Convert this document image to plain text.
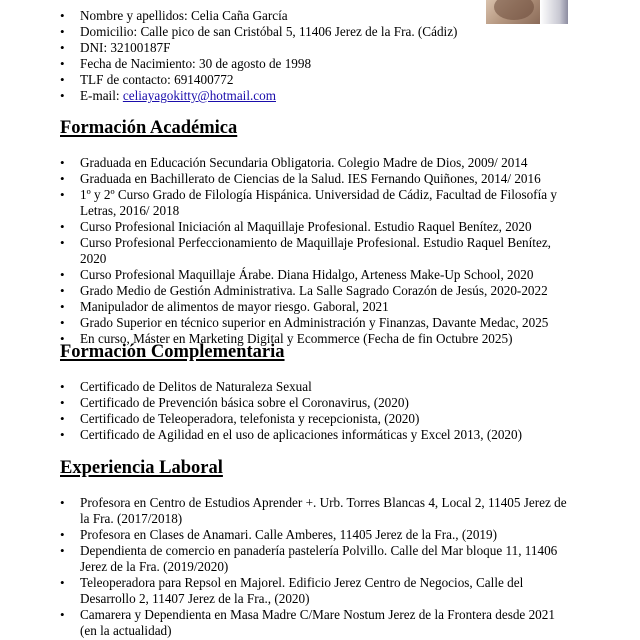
• Nombre y apellidos: Celia Caña García
• Domicilio: Calle pico de san Cristóbal 5, 11406 Jerez de la Fra. (Cádiz)
• DNI: 32100187F
• Fecha de Nacimiento: 30 de agosto de 1998
• TLF de contacto: 691400772
• E-mail: celiayagokitty@hotmail.com
Formación Académica
• Graduada en Educación Secundaria Obligatoria. Colegio Madre de Dios, 2009/ 2014
• Graduada en Bachillerato de Ciencias de la Salud. IES Fernando Quiñones, 2014/ 2016
• 1º y 2º Curso Grado de Filología Hispánica. Universidad de Cádiz, Facultad de Filosofía y Letras, 2016/ 2018
• Curso Profesional Iniciación al Maquillaje Profesional. Estudio Raquel Benítez, 2020
• Curso Profesional Perfeccionamiento de Maquillaje Profesional. Estudio Raquel Benítez, 2020
• Curso Profesional Maquillaje Árabe. Diana Hidalgo, Arteness Make-Up School, 2020
• Grado Medio de Gestión Administrativa. La Salle Sagrado Corazón de Jesús, 2020-2022
• Manipulador de alimentos de mayor riesgo. Gaboral, 2021
• Grado Superior en técnico superior en Administración y Finanzas, Davante Medac, 2025
• En curso, Máster en Marketing Digital y Ecommerce (Fecha de fin Octubre 2025)
Formación Complementaria
• Certificado de Delitos de Naturaleza Sexual
• Certificado de Prevención básica sobre el Coronavirus, (2020)
• Certificado de Teleoperadora, telefonista y recepcionista, (2020)
• Certificado de Agilidad en el uso de aplicaciones informáticas y Excel 2013, (2020)
Experiencia Laboral
• Profesora en Centro de Estudios Aprender +. Urb. Torres Blancas 4, Local 2, 11405 Jerez de la Fra. (2017/2018)
• Profesora en Clases de Anamari. Calle Amberes, 11405 Jerez de la Fra., (2019)
• Dependienta de comercio en panadería pastelería Polvillo. Calle del Mar bloque 11, 11406 Jerez de la Fra. (2019/2020)
• Teleoperadora para Repsol en Majorel. Edificio Jerez Centro de Negocios, Calle del Desarrollo 2, 11407 Jerez de la Fra., (2020)
• Camarera y Dependienta en Masa Madre C/Mare Nostum Jerez de la Frontera desde 2021 (en la actualidad)
